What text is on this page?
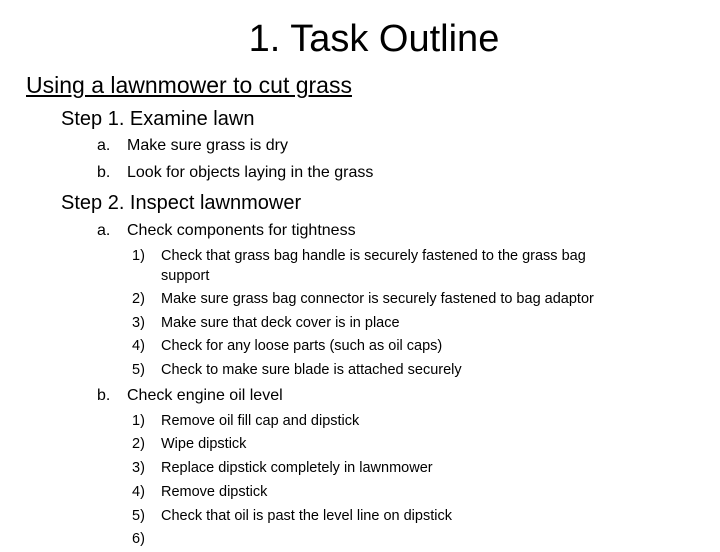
1. Task Outline
Using a lawnmower to cut grass
Step 1. Examine lawn
a. Make sure grass is dry
b. Look for objects laying in the grass
Step 2. Inspect lawnmower
a. Check components for tightness
1) Check that grass bag handle is securely fastened to the grass bag
support
2) Make sure grass bag connector is securely fastened to bag adaptor
3) Make sure that deck cover is in place
4) Check for any loose parts (such as oil caps)
5) Check to make sure blade is attached securely
b. Check engine oil level
1) Remove oil fill cap and dipstick
2) Wipe dipstick
3) Replace dipstick completely in lawnmower
4) Remove dipstick
5) Check that oil is past the level line on dipstick
6)
